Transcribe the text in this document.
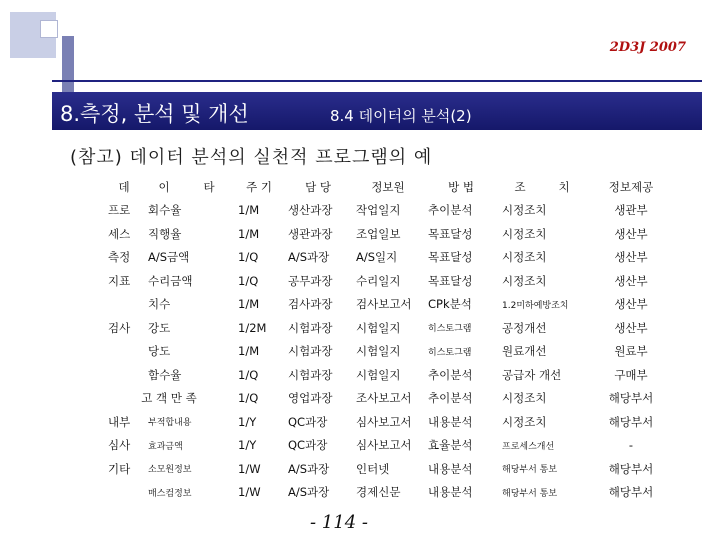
2D3J 2007
8.측정, 분석 및 개선	8.4 데이터의 분석(2)
(참고) 데이터 분석의 실천적 프로그램의 예
데	이	타	주 기	담 당	정보원	방 법	조	치	정보제공
프로	회수율		1/M	생산과장	작업일지	추이분석	시정조치		생관부
세스	직행율		1/M	생관과장	조업일보	목표달성	시정조치		생산부
측정	A/S금액		1/Q	A/S과장	A/S일지	목표달성	시정조치		생산부
지표	수리금액		1/Q	공무과장	수리일지	목표달성	시정조치		생산부
	치수		1/M	검사과장	검사보고서	CPk분석	1.2미하예방조치		생산부
검사	강도		1/2M	시험과장	시험일지	히스토그램	공정개선		생산부
	당도		1/M	시험과장	시험일지	히스토그램	원료개선		원료부
	함수율		1/Q	시험과장	시험일지	추이분석	공급자 개선		구매부
고 객 만 족			1/Q	영업과장	조사보고서	추이분석	시정조치		해당부서
내부	부적합내용		1/Y	QC과장	심사보고서	내용분석	시정조치		해당부서
심사	효과금액		1/Y	QC과장	심사보고서	효율분석	프로세스개선		-
기타	소모원정보		1/W	A/S과장	인터넷	내용분석	해당부서 통보		해당부서
	매스컴정보		1/W	A/S과장	경제신문	내용분석	해당부서 통보		해당부서
- 114 -
